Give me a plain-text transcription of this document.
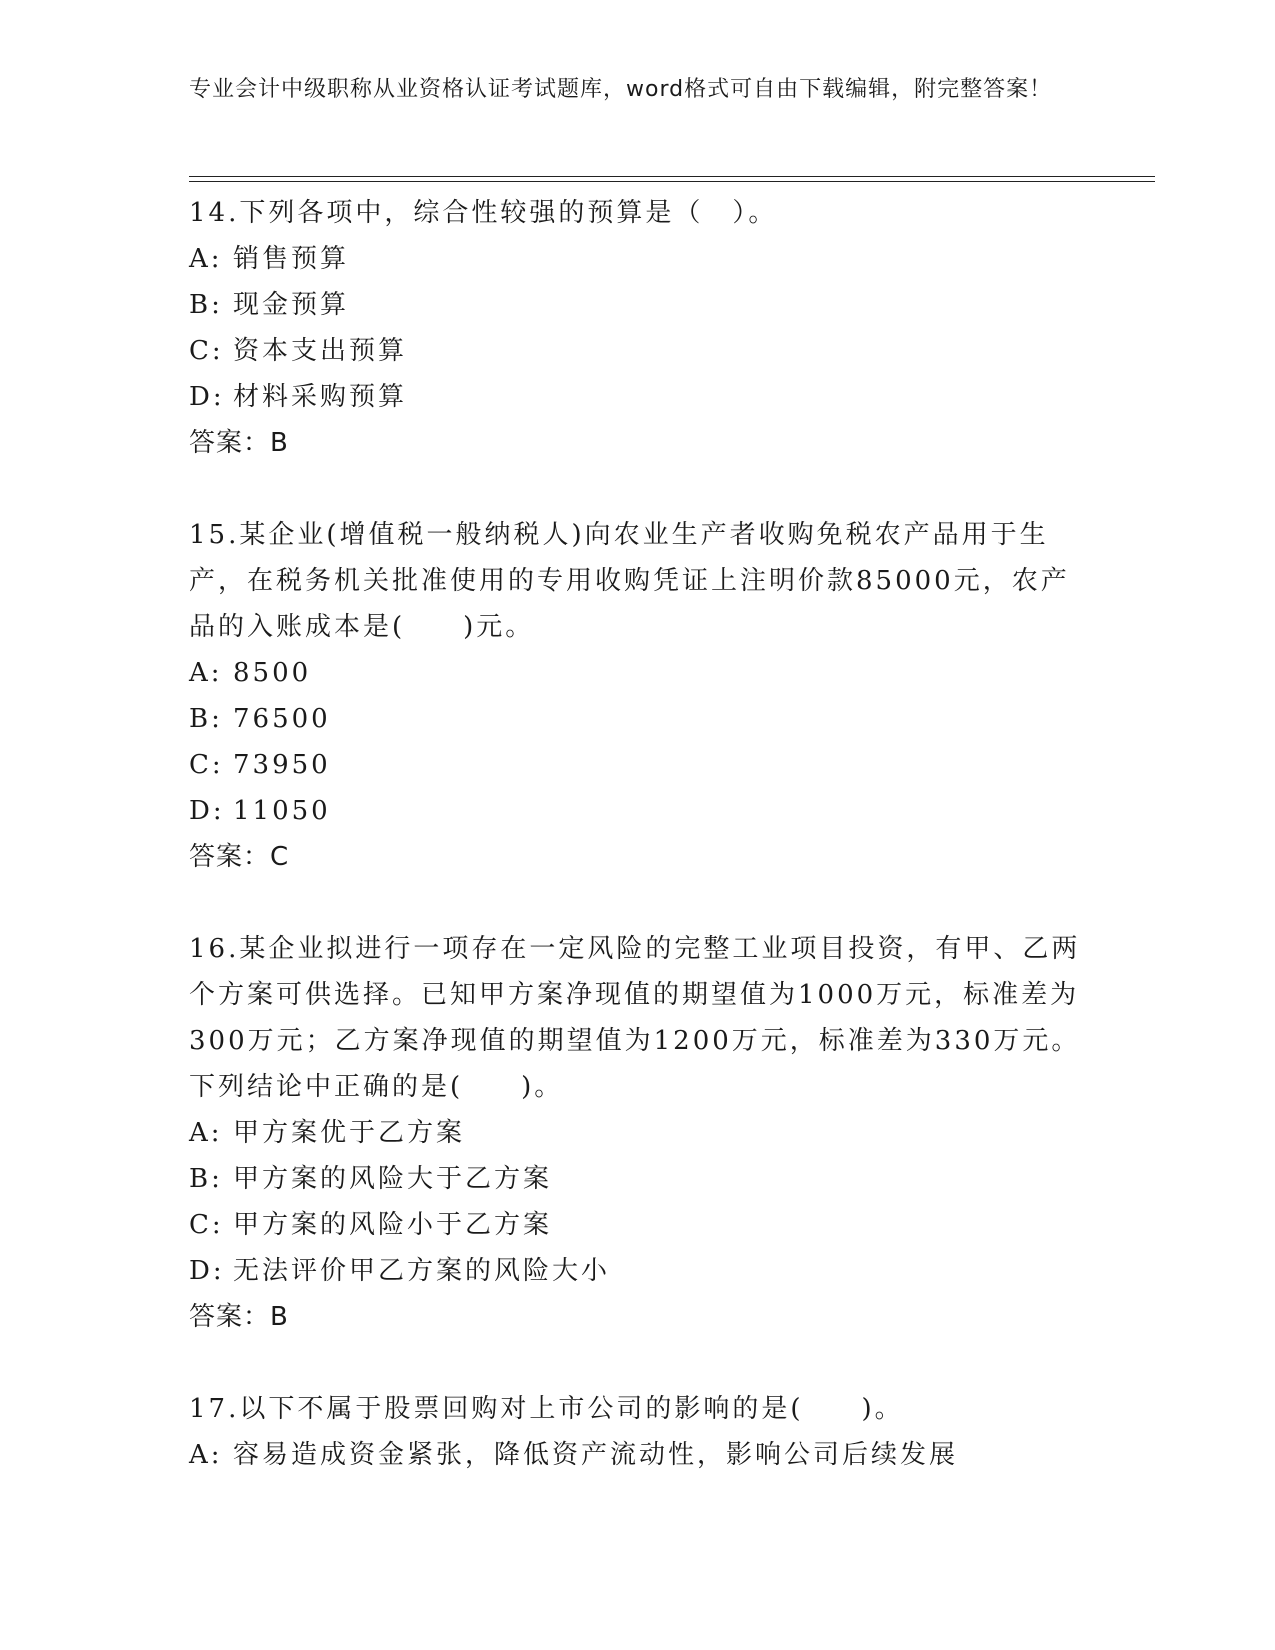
专业会计中级职称从业资格认证考试题库，word格式可自由下载编辑，附完整答案！
14.下列各项中，综合性较强的预算是（　）。
A: 销售预算
B: 现金预算
C: 资本支出预算
D: 材料采购预算
答案：B
15.某企业(增值税一般纳税人)向农业生产者收购免税农产品用于生产，在税务机关批准使用的专用收购凭证上注明价款85000元，农产品的入账成本是(　　)元。
A: 8500
B: 76500
C: 73950
D: 11050
答案：C
16.某企业拟进行一项存在一定风险的完整工业项目投资，有甲、乙两个方案可供选择。已知甲方案净现值的期望值为1000万元，标准差为300万元；乙方案净现值的期望值为1200万元，标准差为330万元。下列结论中正确的是(　　)。
A: 甲方案优于乙方案
B: 甲方案的风险大于乙方案
C: 甲方案的风险小于乙方案
D: 无法评价甲乙方案的风险大小
答案：B
17.以下不属于股票回购对上市公司的影响的是(　　)。
A: 容易造成资金紧张，降低资产流动性，影响公司后续发展
